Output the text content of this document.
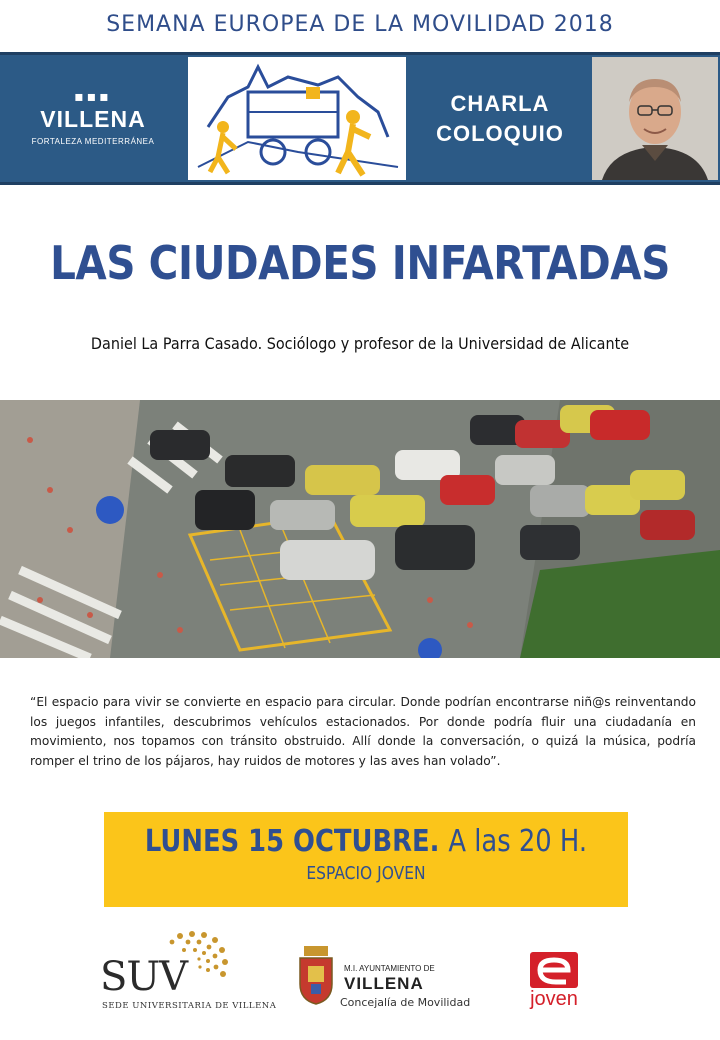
SEMANA EUROPEA DE LA MOVILIDAD 2018
▪▪▪
VILLENA
FORTALEZA MEDITERRÁNEA
CHARLA
COLOQUIO
LAS CIUDADES INFARTADAS
Daniel La Parra Casado. Sociólogo y profesor de la Universidad de Alicante
“El espacio para vivir se convierte en espacio para circular. Donde podrían encontrarse niñ@s reinventando los juegos infantiles, descubrimos vehículos estacionados. Por donde podría fluir una ciudadanía en movimiento, nos topamos con tránsito obstruido. Allí donde la conversación, o quizá la música, podría romper el trino de los pájaros, hay ruidos de motores y las aves han volado”.
LUNES 15 OCTUBRE. A las 20 H.
ESPACIO JOVEN
SUV
SEDE UNIVERSITARIA DE VILLENA
M.I. AYUNTAMIENTO DE
VILLENA
Concejalía de Movilidad	joven
